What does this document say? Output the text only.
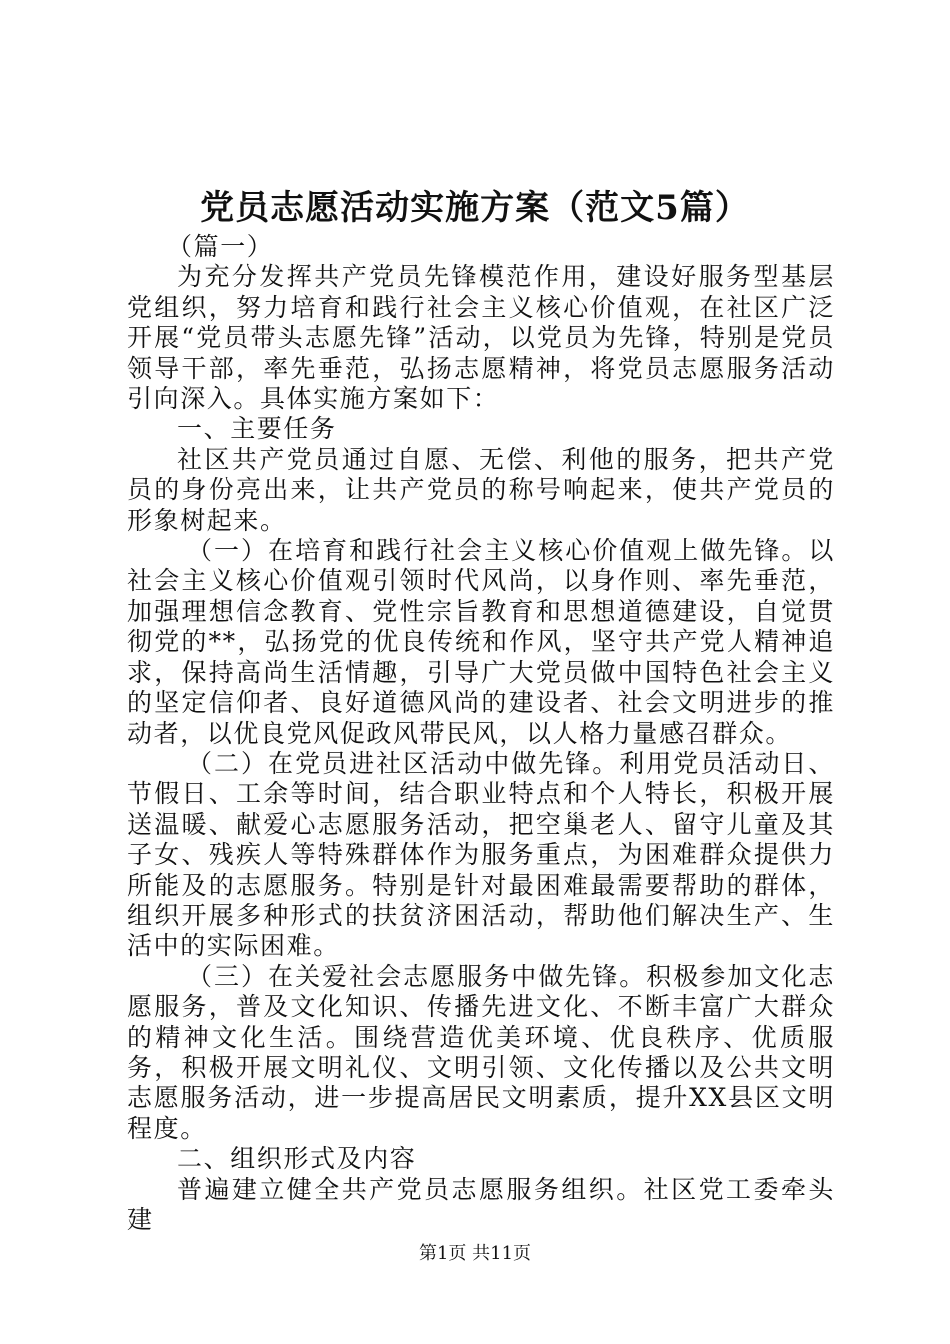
党员志愿活动实施方案（范文5篇）

（篇一）

为充分发挥共产党员先锋模范作用，建设好服务型基层党组织，努力培育和践行社会主义核心价值观，在社区广泛开展“党员带头志愿先锋”活动，以党员为先锋，特别是党员领导干部，率先垂范，弘扬志愿精神，将党员志愿服务活动引向深入。具体实施方案如下：

一、主要任务

社区共产党员通过自愿、无偿、利他的服务，把共产党员的身份亮出来，让共产党员的称号响起来，使共产党员的形象树起来。

（一）在培育和践行社会主义核心价值观上做先锋。以社会主义核心价值观引领时代风尚，以身作则、率先垂范，加强理想信念教育、党性宗旨教育和思想道德建设，自觉贯彻党的**，弘扬党的优良传统和作风，坚守共产党人精神追求，保持高尚生活情趣，引导广大党员做中国特色社会主义的坚定信仰者、良好道德风尚的建设者、社会文明进步的推动者，以优良党风促政风带民风，以人格力量感召群众。

（二）在党员进社区活动中做先锋。利用党员活动日、节假日、工余等时间，结合职业特点和个人特长，积极开展送温暖、献爱心志愿服务活动，把空巢老人、留守儿童及其子女、残疾人等特殊群体作为服务重点，为困难群众提供力所能及的志愿服务。特别是针对最困难最需要帮助的群体，组织开展多种形式的扶贫济困活动，帮助他们解决生产、生活中的实际困难。

（三）在关爱社会志愿服务中做先锋。积极参加文化志愿服务，普及文化知识、传播先进文化、不断丰富广大群众的精神文化生活。围绕营造优美环境、优良秩序、优质服务，积极开展文明礼仪、文明引领、文化传播以及公共文明志愿服务活动，进一步提高居民文明素质，提升XX县区文明程度。

二、组织形式及内容

普遍建立健全共产党员志愿服务组织。社区党工委牵头建

第1页 共11页
